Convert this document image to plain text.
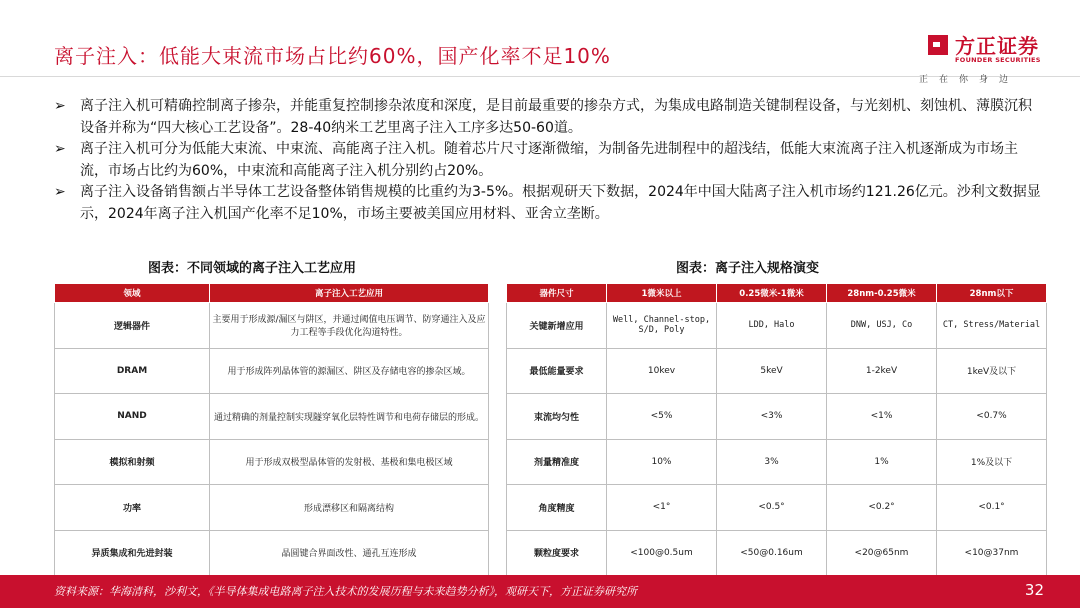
离子注入：低能大束流市场占比约60%，国产化率不足10%	方正证券
FOUNDER SECURITIES
正在你身边
➢ 离子注入机可精确控制离子掺杂，并能重复控制掺杂浓度和深度，是目前最重要的掺杂方式，为集成电路制造关键制程设备，与光刻机、刻蚀机、薄膜沉积设备并称为“四大核心工艺设备”。28-40纳米工艺里离子注入工序多达50-60道。
➢ 离子注入机可分为低能大束流、中束流、高能离子注入机。随着芯片尺寸逐渐微缩，为制备先进制程中的超浅结，低能大束流离子注入机逐渐成为市场主流，市场占比约为60%，中束流和高能离子注入机分别约占20%。
➢ 离子注入设备销售额占半导体工艺设备整体销售规模的比重约为3-5%。根据观研天下数据，2024年中国大陆离子注入机市场约121.26亿元。沙利文数据显示，2024年离子注入机国产化率不足10%，市场主要被美国应用材料、亚舍立垄断。
图表：不同领域的离子注入工艺应用	图表：离子注入规格演变
领域	离子注入工艺应用
逻辑器件	主要用于形成源/漏区与阱区，并通过阈值电压调节、防穿通注入及应力工程等手段优化沟道特性。
DRAM	用于形成阵列晶体管的源漏区、阱区及存储电容的掺杂区域。
NAND	通过精确的剂量控制实现隧穿氧化层特性调节和电荷存储层的形成。
模拟和射频	用于形成双极型晶体管的发射极、基极和集电极区域
功率	形成漂移区和隔离结构
异质集成和先进封装	晶圆键合界面改性、通孔互连形成
器件尺寸	1微米以上	0.25微米-1微米	28nm-0.25微米	28nm以下
关键新增应用	Well, Channel-stop, S/D, Poly	LDD, Halo	DNW, USJ, Co	CT, Stress/Material
最低能量要求	10kev	5keV	1-2keV	1keV及以下
束流均匀性	<5%	<3%	<1%	<0.7%
剂量精准度	10%	3%	1%	1%及以下
角度精度	<1°	<0.5°	<0.2°	<0.1°
颗粒度要求	<100@0.5um	<50@0.16um	<20@65nm	<10@37nm
资料来源：华海清科，沙利文，《半导体集成电路离子注入技术的发展历程与未来趋势分析》，观研天下，方正证券研究所	32
